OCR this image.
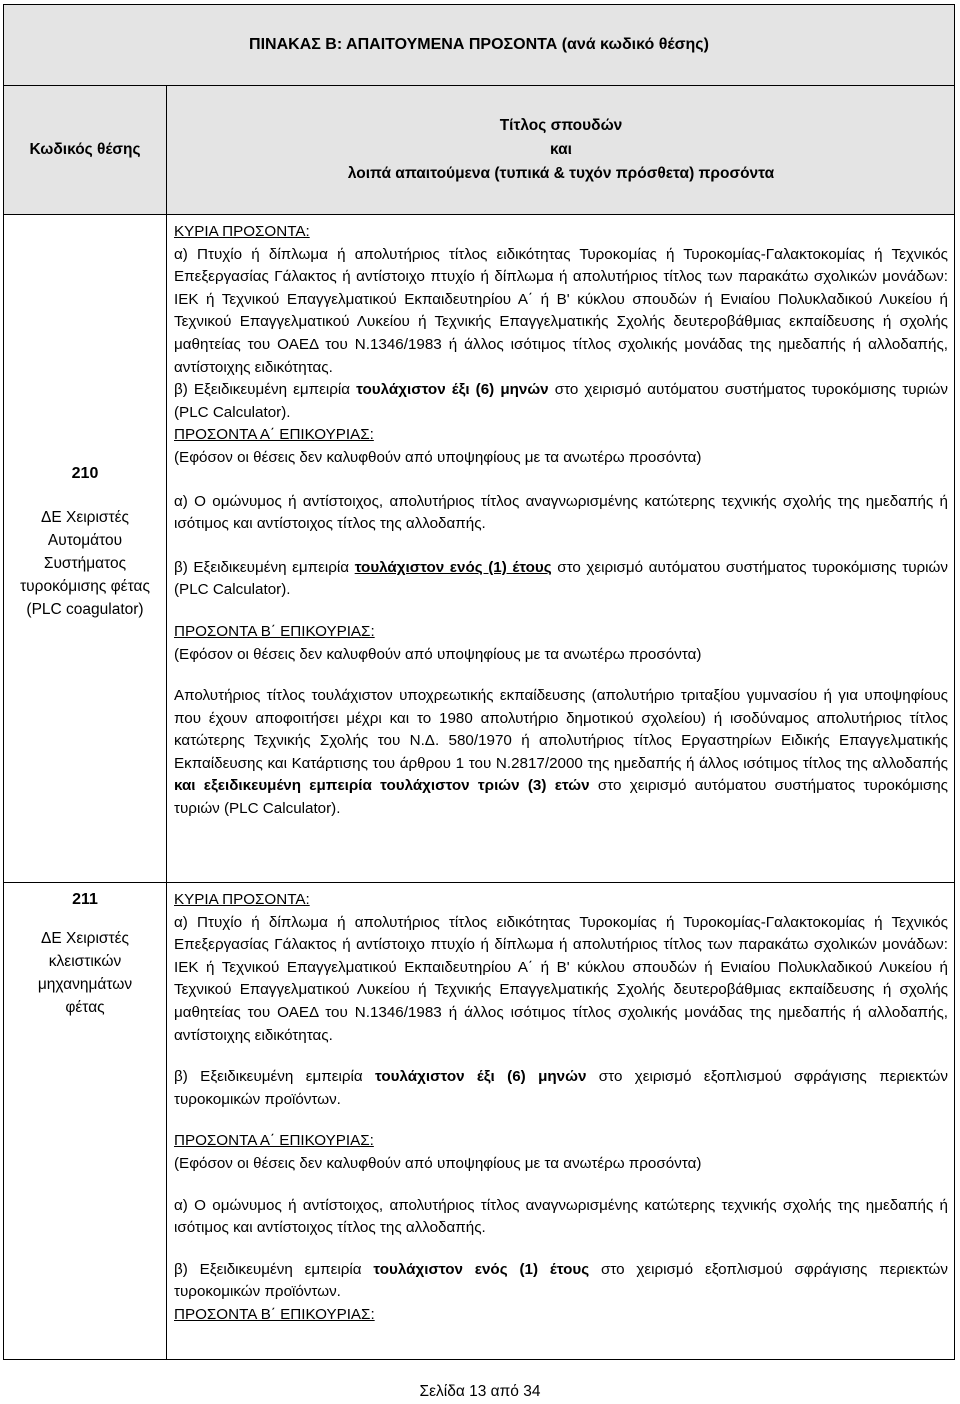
ΠΙΝΑΚΑΣ Β: ΑΠΑΙΤΟΥΜΕΝΑ ΠΡΟΣΟΝΤΑ (ανά κωδικό θέσης)
Κωδικός θέσης
Τίτλος σπουδών
και
λοιπά απαιτούμενα (τυπικά & τυχόν πρόσθετα) προσόντα
210
ΔΕ Χειριστές
Αυτομάτου
Συστήματος
τυροκόμισης φέτας
(PLC coagulator)

ΚΥΡΙΑ ΠΡΟΣΟΝΤΑ:

α) Πτυχίο ή δίπλωμα ή απολυτήριος τίτλος ειδικότητας Τυροκομίας ή Τυροκομίας-Γαλακτοκομίας ή Τεχνικός Επεξεργασίας Γάλακτος ή αντίστοιχο πτυχίο ή δίπλωμα ή απολυτήριος τίτλος των παρακάτω σχολικών μονάδων: ΙΕΚ ή Τεχνικού Επαγγελματικού Εκπαιδευτηρίου Α΄ ή Β' κύκλου σπουδών ή Ενιαίου Πολυκλαδικού Λυκείου ή Τεχνικού Επαγγελματικού Λυκείου ή Τεχνικής Επαγγελματικής Σχολής δευτεροβάθμιας εκπαίδευσης ή σχολής μαθητείας του ΟΑΕΔ του Ν.1346/1983 ή άλλος ισότιμος τίτλος σχολικής μονάδας της ημεδαπής ή αλλοδαπής, αντίστοιχης ειδικότητας.

β) Εξειδικευμένη εμπειρία τουλάχιστον έξι (6) μηνών στο χειρισμό αυτόματου συστήματος τυροκόμισης τυριών (PLC Calculator).

ΠΡΟΣΟΝΤΑ Α΄ ΕΠΙΚΟΥΡΙΑΣ:

(Εφόσον οι θέσεις δεν καλυφθούν από υποψηφίους με τα ανωτέρω προσόντα)

α) Ο ομώνυμος ή αντίστοιχος, απολυτήριος τίτλος αναγνωρισμένης κατώτερης τεχνικής σχολής της ημεδαπής ή ισότιμος και αντίστοιχος τίτλος της αλλοδαπής.

β) Εξειδικευμένη εμπειρία τουλάχιστον ενός (1) έτους στο χειρισμό αυτόματου συστήματος τυροκόμισης τυριών (PLC Calculator).

ΠΡΟΣΟΝΤΑ Β΄ ΕΠΙΚΟΥΡΙΑΣ:

(Εφόσον οι θέσεις δεν καλυφθούν από υποψηφίους με τα ανωτέρω προσόντα)

Απολυτήριος τίτλος τουλάχιστον υποχρεωτικής εκπαίδευσης (απολυτήριο τριταξίου γυμνασίου ή για υποψηφίους που έχουν αποφοιτήσει μέχρι και το 1980 απολυτήριο δημοτικού σχολείου) ή ισοδύναμος απολυτήριος τίτλος κατώτερης Τεχνικής Σχολής του Ν.Δ. 580/1970 ή απολυτήριος τίτλος Εργαστηρίων Ειδικής Επαγγελματικής Εκπαίδευσης και Κατάρτισης του άρθρου 1 του Ν.2817/2000 της ημεδαπής ή άλλος ισότιμος τίτλος της αλλοδαπής και εξειδικευμένη εμπειρία τουλάχιστον τριών (3) ετών στο χειρισμό αυτόματου συστήματος τυροκόμισης τυριών (PLC Calculator).

211
ΔΕ Χειριστές
κλειστικών
μηχανημάτων
φέτας

ΚΥΡΙΑ ΠΡΟΣΟΝΤΑ:

α) Πτυχίο ή δίπλωμα ή απολυτήριος τίτλος ειδικότητας Τυροκομίας ή Τυροκομίας-Γαλακτοκομίας ή Τεχνικός Επεξεργασίας Γάλακτος ή αντίστοιχο πτυχίο ή δίπλωμα ή απολυτήριος τίτλος των παρακάτω σχολικών μονάδων: ΙΕΚ ή Τεχνικού Επαγγελματικού Εκπαιδευτηρίου Α΄ ή Β' κύκλου σπουδών ή Ενιαίου Πολυκλαδικού Λυκείου ή Τεχνικού Επαγγελματικού Λυκείου ή Τεχνικής Επαγγελματικής Σχολής δευτεροβάθμιας εκπαίδευσης ή σχολής μαθητείας του ΟΑΕΔ του Ν.1346/1983 ή άλλος ισότιμος τίτλος σχολικής μονάδας της ημεδαπής ή αλλοδαπής, αντίστοιχης ειδικότητας.

β) Εξειδικευμένη εμπειρία τουλάχιστον έξι (6) μηνών στο χειρισμό εξοπλισμού σφράγισης περιεκτών τυροκομικών προϊόντων.

ΠΡΟΣΟΝΤΑ Α΄ ΕΠΙΚΟΥΡΙΑΣ:

(Εφόσον οι θέσεις δεν καλυφθούν από υποψηφίους με τα ανωτέρω προσόντα)

α) Ο ομώνυμος ή αντίστοιχος, απολυτήριος τίτλος αναγνωρισμένης κατώτερης τεχνικής σχολής της ημεδαπής ή ισότιμος και αντίστοιχος τίτλος της αλλοδαπής.

β) Εξειδικευμένη εμπειρία τουλάχιστον ενός (1) έτους στο χειρισμό εξοπλισμού σφράγισης περιεκτών τυροκομικών προϊόντων.

ΠΡΟΣΟΝΤΑ Β΄ ΕΠΙΚΟΥΡΙΑΣ:

Σελίδα 13 από 34
